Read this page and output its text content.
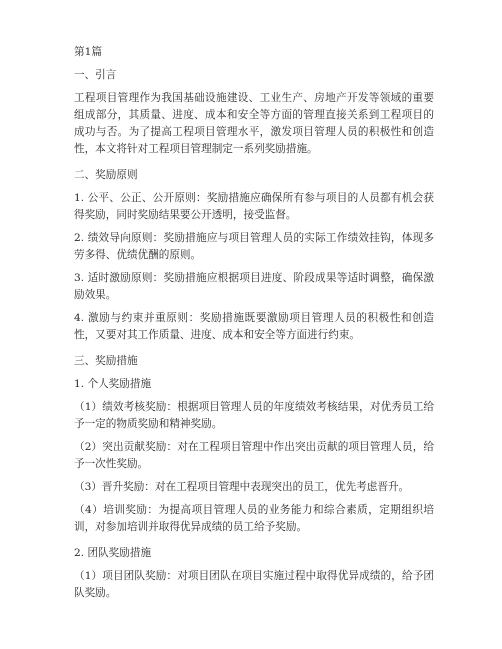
第1篇

一、引言

工程项目管理作为我国基础设施建设、工业生产、房地产开发等领域的重要组成部分，其质量、进度、成本和安全等方面的管理直接关系到工程项目的成功与否。为了提高工程项目管理水平，激发项目管理人员的积极性和创造性，本文将针对工程项目管理制定一系列奖励措施。

二、奖励原则

1. 公平、公正、公开原则：奖励措施应确保所有参与项目的人员都有机会获得奖励，同时奖励结果要公开透明，接受监督。

2. 绩效导向原则：奖励措施应与项目管理人员的实际工作绩效挂钩，体现多劳多得、优绩优酬的原则。

3. 适时激励原则：奖励措施应根据项目进度、阶段成果等适时调整，确保激励效果。

4. 激励与约束并重原则：奖励措施既要激励项目管理人员的积极性和创造性，又要对其工作质量、进度、成本和安全等方面进行约束。

三、奖励措施

1. 个人奖励措施

（1）绩效考核奖励：根据项目管理人员的年度绩效考核结果，对优秀员工给予一定的物质奖励和精神奖励。

（2）突出贡献奖励：对在工程项目管理中作出突出贡献的项目管理人员，给予一次性奖励。

（3）晋升奖励：对在工程项目管理中表现突出的员工，优先考虑晋升。

（4）培训奖励：为提高项目管理人员的业务能力和综合素质，定期组织培训，对参加培训并取得优异成绩的员工给予奖励。

2. 团队奖励措施

（1）项目团队奖励：对项目团队在项目实施过程中取得优异成绩的，给予团队奖励。
